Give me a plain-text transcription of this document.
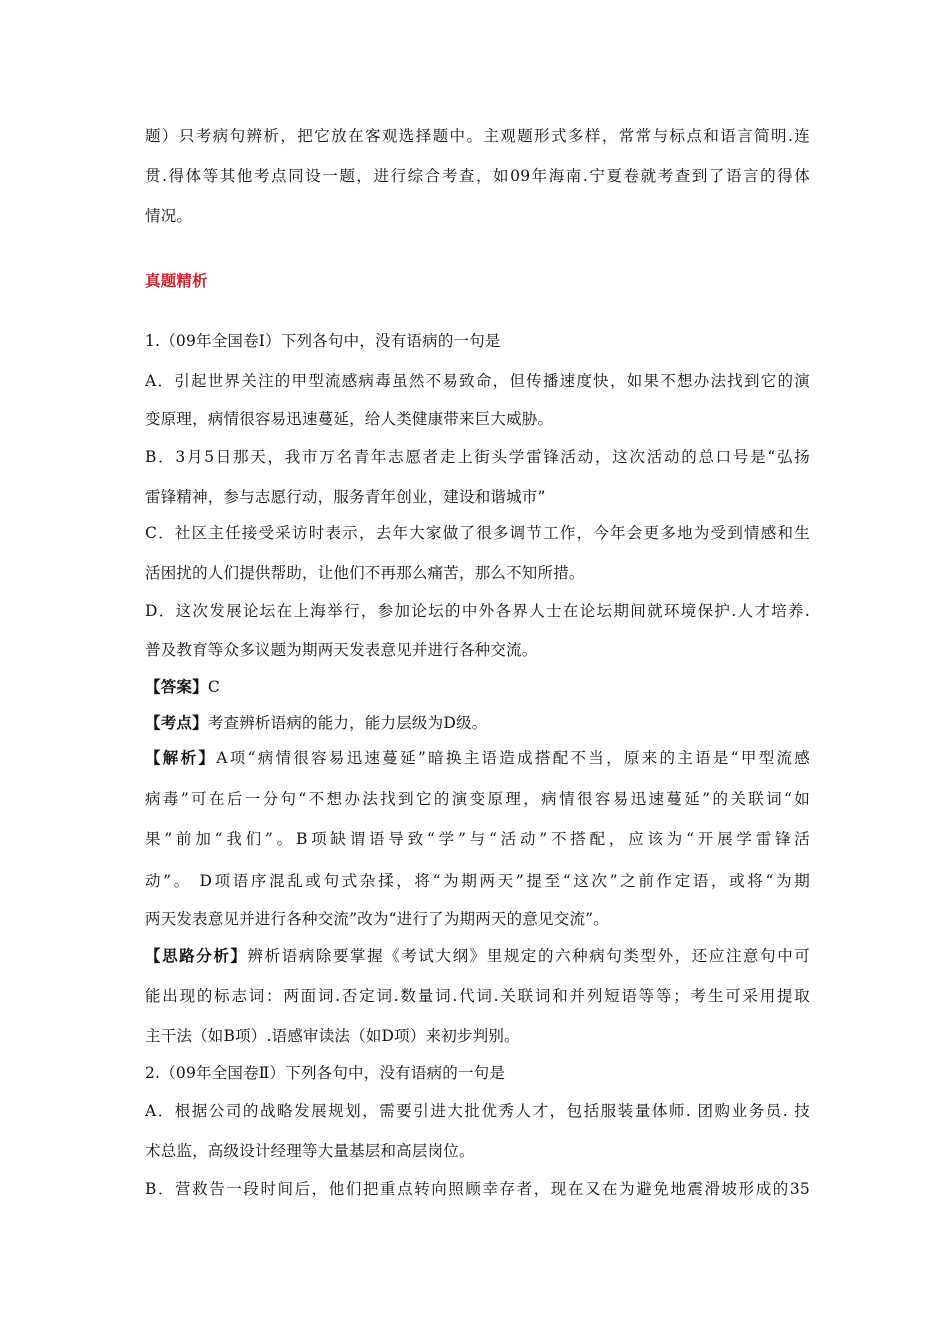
题）只考病句辨析，把它放在客观选择题中。主观题形式多样，常常与标点和语言简明.连
贯.得体等其他考点同设一题，进行综合考查，如09年海南.宁夏卷就考查到了语言的得体
情况。
真题精析
1.（09年全国卷Ⅰ）下列各句中，没有语病的一句是
A．引起世界关注的甲型流感病毒虽然不易致命，但传播速度快，如果不想办法找到它的演
变原理，病情很容易迅速蔓延，给人类健康带来巨大威胁。
B．3月5日那天，我市万名青年志愿者走上街头学雷锋活动，这次活动的总口号是“弘扬
雷锋精神，参与志愿行动，服务青年创业，建设和谐城市”
C．社区主任接受采访时表示，去年大家做了很多调节工作，今年会更多地为受到情感和生
活困扰的人们提供帮助，让他们不再那么痛苦，那么不知所措。
D．这次发展论坛在上海举行，参加论坛的中外各界人士在论坛期间就环境保护.人才培养.
普及教育等众多议题为期两天发表意见并进行各种交流。
【答案】C
【考点】考查辨析语病的能力，能力层级为D级。
【解析】A项“病情很容易迅速蔓延”暗换主语造成搭配不当，原来的主语是“甲型流感
病毒”可在后一分句“不想办法找到它的演变原理，病情很容易迅速蔓延”的关联词“如
果”前加“我们”。B项缺谓语导致“学”与“活动”不搭配，应该为“开展学雷锋活
动”。 D项语序混乱或句式杂揉，将“为期两天”提至“这次”之前作定语，或将“为期
两天发表意见并进行各种交流”改为“进行了为期两天的意见交流”。
【思路分析】辨析语病除要掌握《考试大纲》里规定的六种病句类型外，还应注意句中可
能出现的标志词：两面词.否定词.数量词.代词.关联词和并列短语等等；考生可采用提取
主干法（如B项）.语感审读法（如D项）来初步判别。
2.（09年全国卷Ⅱ）下列各句中，没有语病的一句是
A．根据公司的战略发展规划，需要引进大批优秀人才，包括服装量体师. 团购业务员. 技
术总监，高级设计经理等大量基层和高层岗位。
B．营救告一段时间后，他们把重点转向照顾幸存者，现在又在为避免地震滑坡形成的35
